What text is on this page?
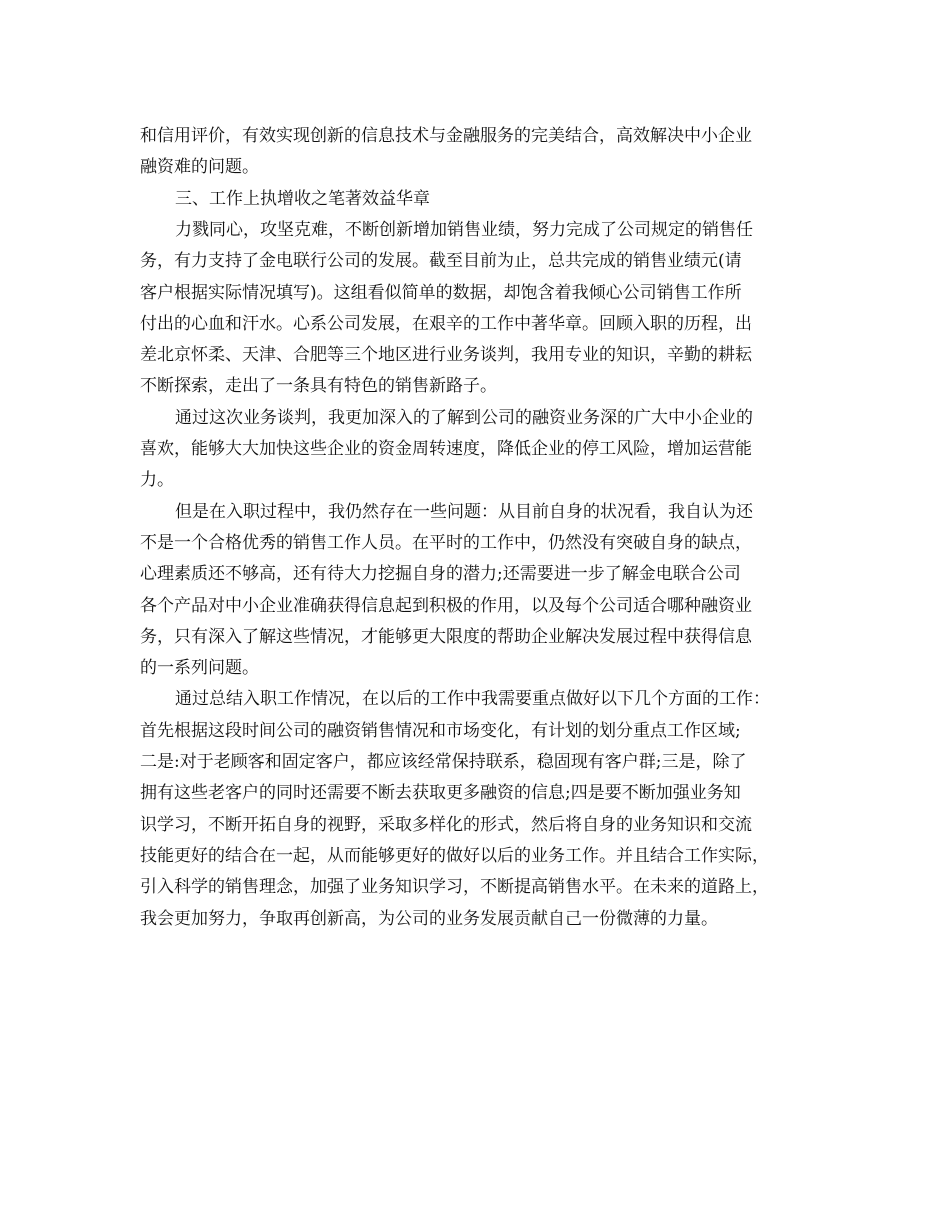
和信用评价，有效实现创新的信息技术与金融服务的完美结合，高效解决中小企业
融资难的问题。
三、工作上执增收之笔著效益华章
力戮同心，攻坚克难，不断创新增加销售业绩，努力完成了公司规定的销售任
务，有力支持了金电联行公司的发展。截至目前为止，总共完成的销售业绩元(请
客户根据实际情况填写)。这组看似简单的数据，却饱含着我倾心公司销售工作所
付出的心血和汗水。心系公司发展，在艰辛的工作中著华章。回顾入职的历程，出
差北京怀柔、天津、合肥等三个地区进行业务谈判，我用专业的知识，辛勤的耕耘
不断探索，走出了一条具有特色的销售新路子。
通过这次业务谈判，我更加深入的了解到公司的融资业务深的广大中小企业的
喜欢，能够大大加快这些企业的资金周转速度，降低企业的停工风险，增加运营能
力。
但是在入职过程中，我仍然存在一些问题：从目前自身的状况看，我自认为还
不是一个合格优秀的销售工作人员。在平时的工作中，仍然没有突破自身的缺点，
心理素质还不够高，还有待大力挖掘自身的潜力;还需要进一步了解金电联合公司
各个产品对中小企业准确获得信息起到积极的作用，以及每个公司适合哪种融资业
务，只有深入了解这些情况，才能够更大限度的帮助企业解决发展过程中获得信息
的一系列问题。
通过总结入职工作情况，在以后的工作中我需要重点做好以下几个方面的工作：
首先根据这段时间公司的融资销售情况和市场变化，有计划的划分重点工作区域;
二是:对于老顾客和固定客户，都应该经常保持联系，稳固现有客户群;三是，除了
拥有这些老客户的同时还需要不断去获取更多融资的信息;四是要不断加强业务知
识学习，不断开拓自身的视野，采取多样化的形式，然后将自身的业务知识和交流
技能更好的结合在一起，从而能够更好的做好以后的业务工作。并且结合工作实际，
引入科学的销售理念，加强了业务知识学习，不断提高销售水平。在未来的道路上，
我会更加努力，争取再创新高，为公司的业务发展贡献自己一份微薄的力量。
